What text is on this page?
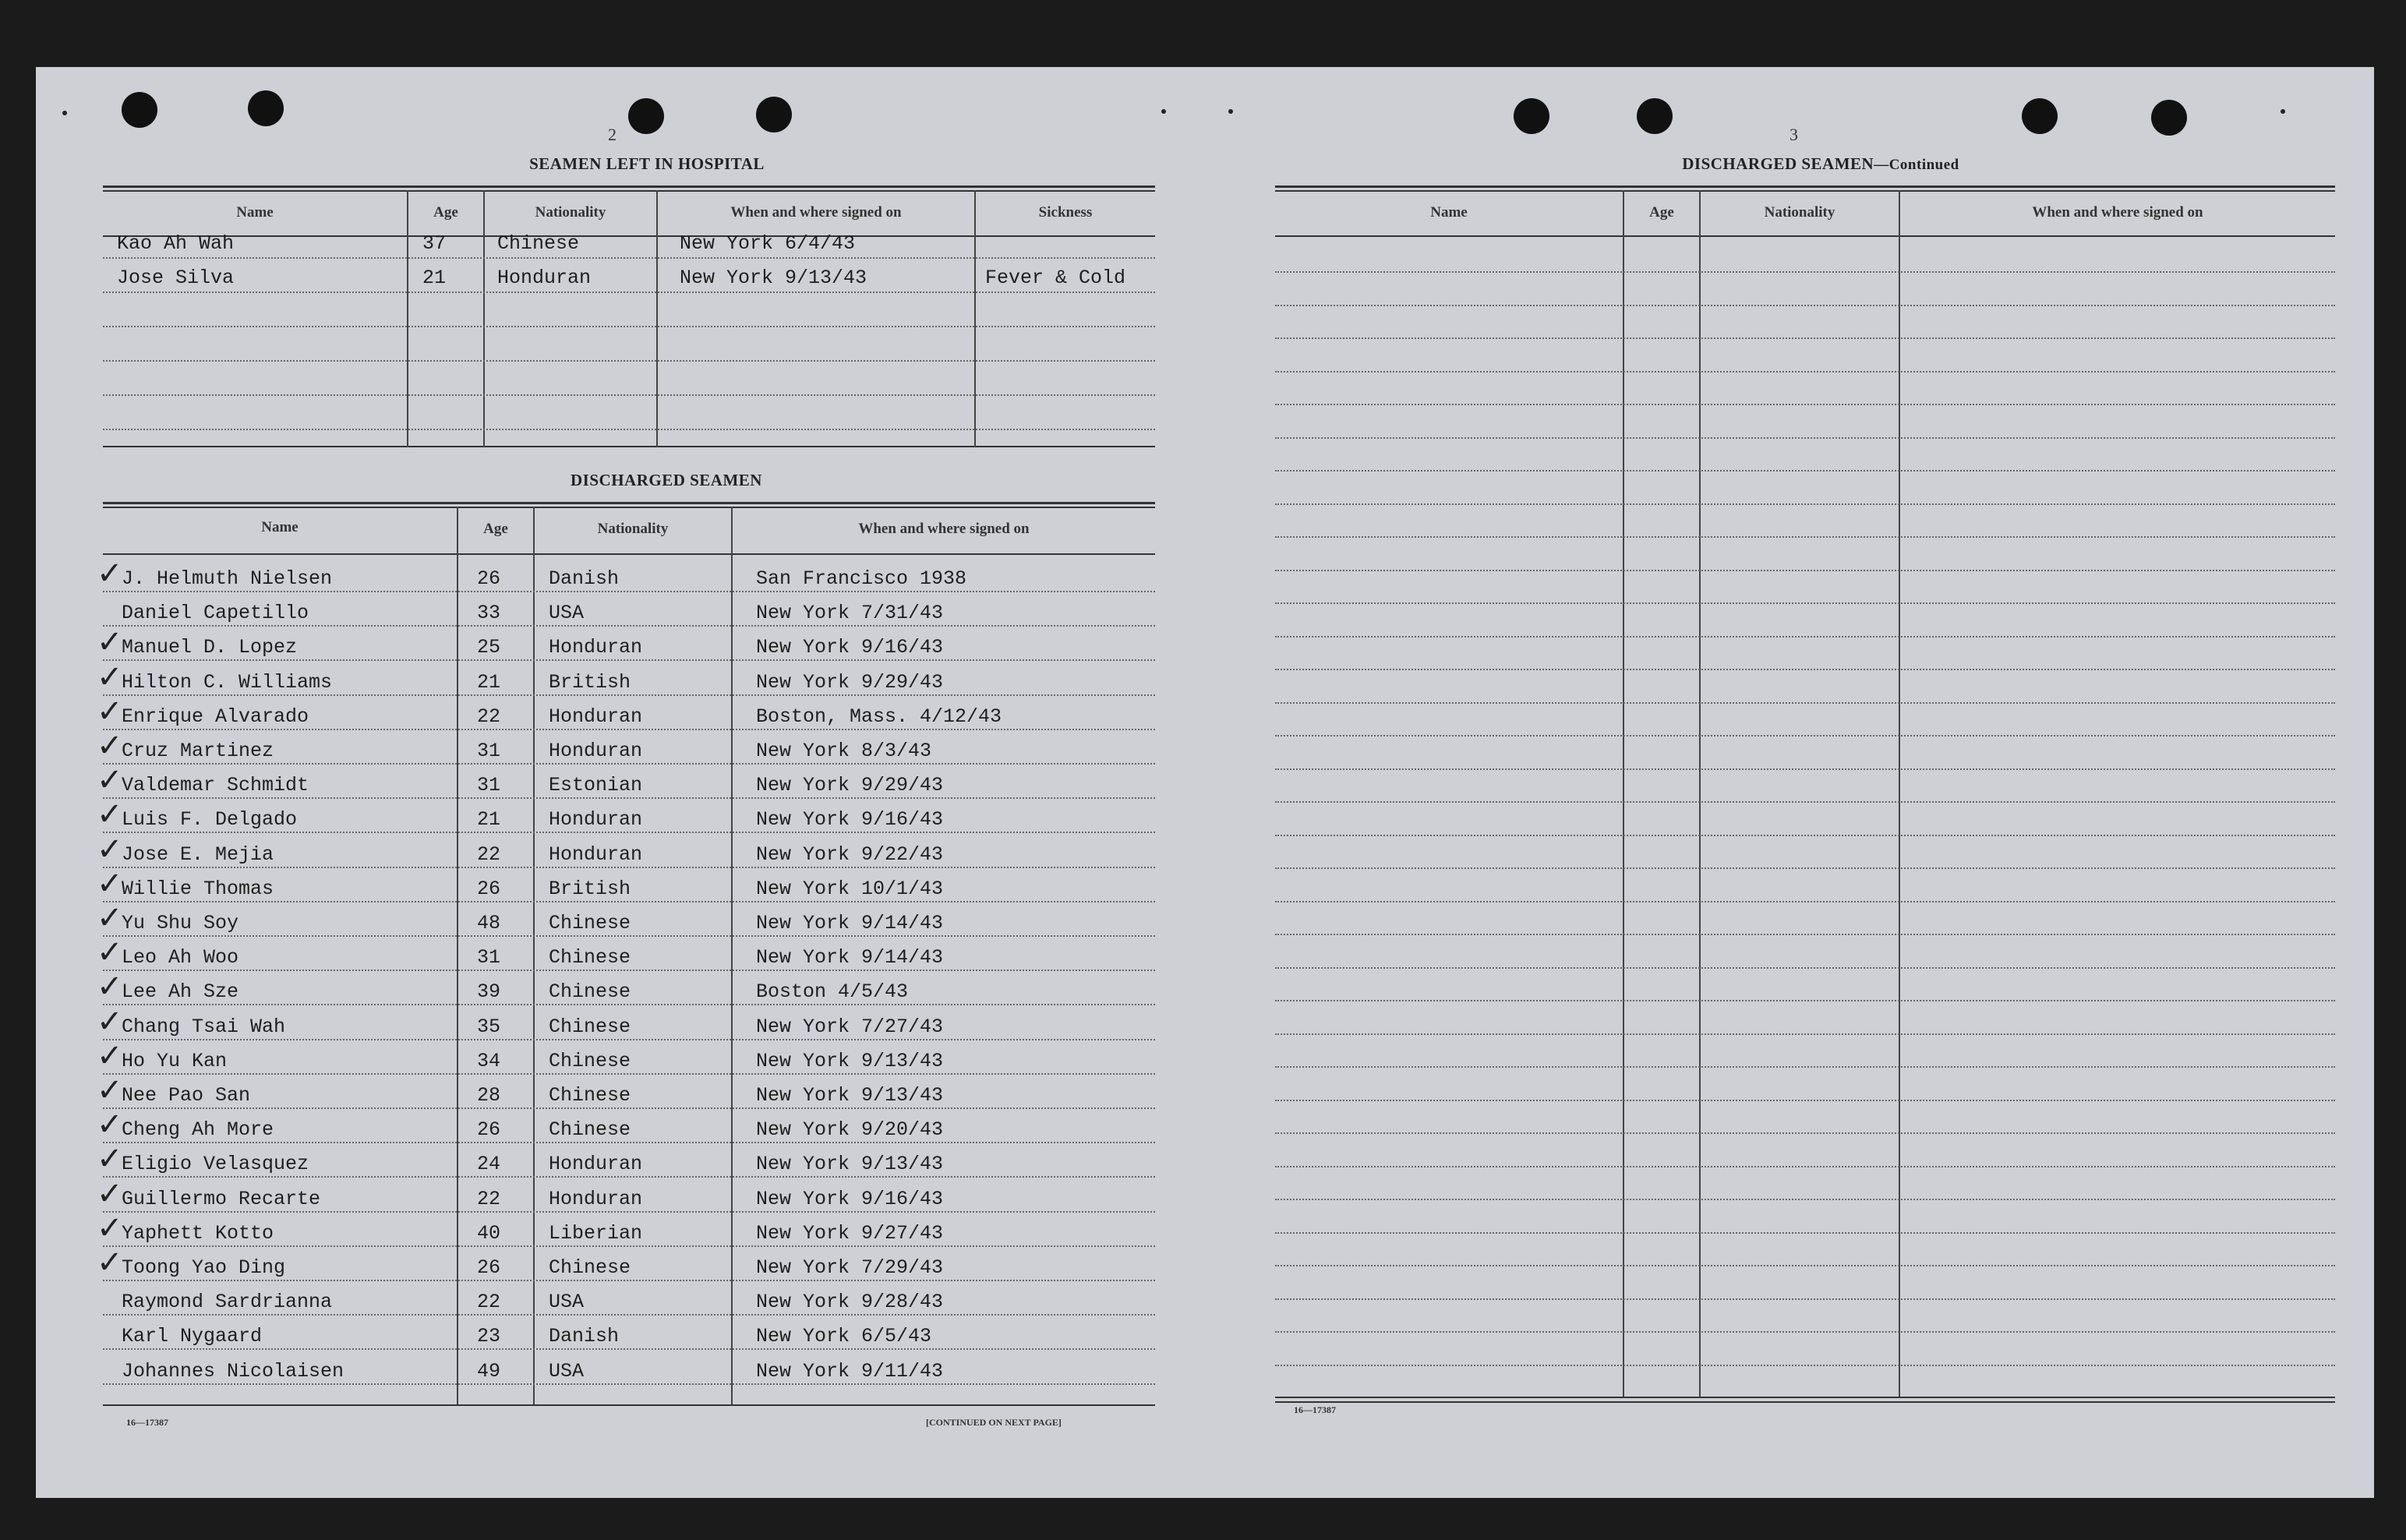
2
SEAMEN LEFT IN HOSPITAL
Name	Age	Nationality	When and where signed on	Sickness
Kao Ah Wah	37	Chinese	New York 6/4/43
Jose Silva	21	Honduran	New York 9/13/43	Fever & Cold
DISCHARGED SEAMEN
Name	Age	Nationality	When and where signed on
✓
J. Helmuth Nielsen	26 Danish	San Francisco 1938
Daniel Capetillo	33 USA	New York 7/31/43
✓
Manuel D. Lopez	25 Honduran	New York 9/16/43
✓
Hilton C. Williams	21 British	New York 9/29/43
✓
Enrique Alvarado	22 Honduran	Boston, Mass. 4/12/43
✓
Cruz Martinez	31 Honduran	New York 8/3/43
✓
Valdemar Schmidt	31 Estonian	New York 9/29/43
✓
Luis F. Delgado	21 Honduran	New York 9/16/43
✓
Jose E. Mejia	22 Honduran	New York 9/22/43
✓
Willie Thomas	26 British	New York 10/1/43
✓
Yu Shu Soy	48 Chinese	New York 9/14/43
✓
Leo Ah Woo	31 Chinese	New York 9/14/43
✓
Lee Ah Sze	39 Chinese	Boston 4/5/43
✓
Chang Tsai Wah	35 Chinese	New York 7/27/43
✓
Ho Yu Kan	34 Chinese	New York 9/13/43
✓
Nee Pao San	28 Chinese	New York 9/13/43
✓
Cheng Ah More	26 Chinese	New York 9/20/43
✓
Eligio Velasquez	24 Honduran	New York 9/13/43
✓
Guillermo Recarte	22 Honduran	New York 9/16/43
✓
Yaphett Kotto	40 Liberian	New York 9/27/43
✓
Toong Yao Ding	26 Chinese	New York 7/29/43
Raymond Sardrianna	22 USA	New York 9/28/43
Karl Nygaard	23 Danish	New York 6/5/43
Johannes Nicolaisen	49 USA	New York 9/11/43
16—17387	[CONTINUED ON NEXT PAGE]
3
DISCHARGED SEAMEN—Continued
Name	Age	Nationality	When and where signed on
16—17387
